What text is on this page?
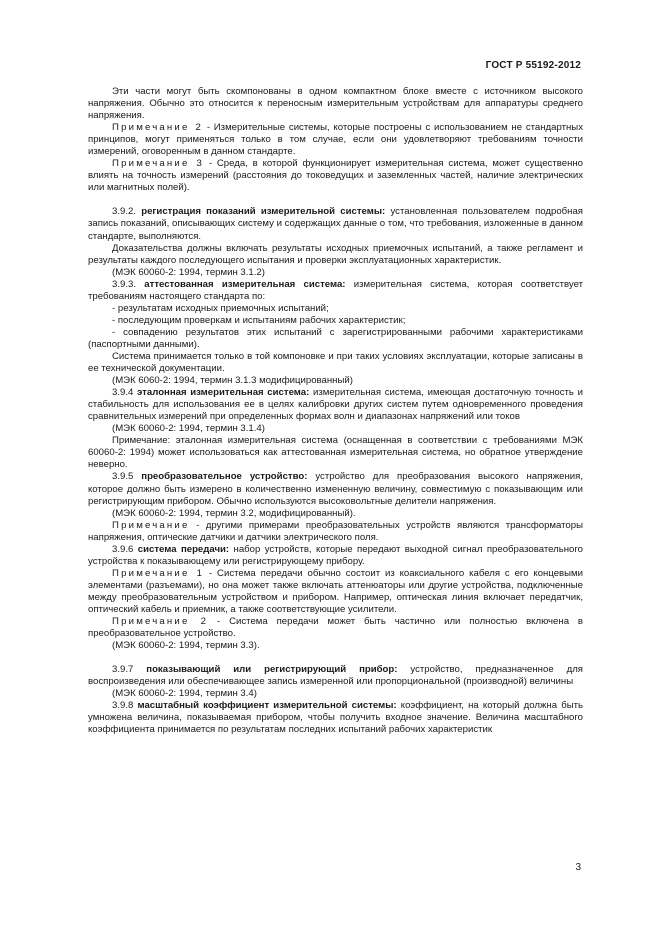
ГОСТ Р 55192-2012

Эти части могут быть скомпонованы в одном компактном блоке вместе с источником высокого напряжения. Обычно это относится к переносным измерительным устройствам для аппаратуры среднего напряжения.

Примечание 2 - Измерительные системы, которые построены с использованием не стандартных принципов, могут применяться только в том случае, если они удовлетворяют требованиям точности измерений, оговоренным в данном стандарте.

Примечание 3 - Среда, в которой функционирует измерительная система, может существенно влиять на точность измерений (расстояния до токоведущих и заземленных частей, наличие электрических или магнитных полей).

3.9.2. регистрация показаний измерительной системы: установленная пользователем подробная запись показаний, описывающих систему и содержащих данные о том, что требования, изложенные в данном стандарте, выполняются.

Доказательства должны включать результаты исходных приемочных испытаний, а также регламент и результаты каждого последующего испытания и проверки эксплуатационных характеристик.

(МЭК 60060-2: 1994, термин 3.1.2)

3.9.3. аттестованная измерительная система: измерительная система, которая соответствует требованиям настоящего стандарта по:

- результатам исходных приемочных испытаний;

- последующим проверкам и испытаниям рабочих характеристик;

- совпадению результатов этих испытаний с зарегистрированными рабочими характеристиками (паспортными данными).

Система принимается только в той компоновке и при таких условиях эксплуатации, которые записаны в ее технической документации.

(МЭК 6060-2: 1994, термин 3.1.3 модифицированный)

3.9.4 эталонная измерительная система: измерительная система, имеющая достаточную точность и стабильность для использования ее в целях калибровки других систем путем одновременного проведения сравнительных измерений при определенных формах волн и диапазонах напряжений или токов

(МЭК 60060-2: 1994, термин 3.1.4)

Примечание: эталонная измерительная система (оснащенная в соответствии с требованиями МЭК 60060-2: 1994) может использоваться как аттестованная измерительная система, но обратное утверждение неверно.

3.9.5 преобразовательное устройство: устройство для преобразования высокого напряжения, которое должно быть измерено в количественно измененную величину, совместимую с показывающим или регистрирующим прибором. Обычно используются высоковольтные делители напряжения.

(МЭК 60060-2: 1994, термин 3.2, модифицированный).

Примечание - другими примерами преобразовательных устройств являются трансформаторы напряжения, оптические датчики и датчики электрического поля.

3.9.6 система передачи: набор устройств, которые передают выходной сигнал преобразовательного устройства к показывающему или регистрирующему прибору.

Примечание 1 - Система передачи обычно состоит из коаксиального кабеля с его концевыми элементами (разъемами), но она может также включать аттенюаторы или другие устройства, подключенные между преобразовательным устройством и прибором. Например, оптическая линия включает передатчик, оптический кабель и приемник, а также соответствующие усилители.

Примечание 2 - Система передачи может быть частично или полностью включена в преобразовательное устройство.

(МЭК 60060-2: 1994, термин 3.3).

3.9.7 показывающий или регистрирующий прибор: устройство, предназначенное для воспроизведения или обеспечивающее запись измеренной или пропорциональной (производной) величины

(МЭК 60060-2: 1994, термин 3.4)

3.9.8 масштабный коэффициент измерительной системы: коэффициент, на который должна быть умножена величина, показываемая прибором, чтобы получить входное значение. Величина масштабного коэффициента принимается по результатам последних испытаний рабочих характеристик

3
